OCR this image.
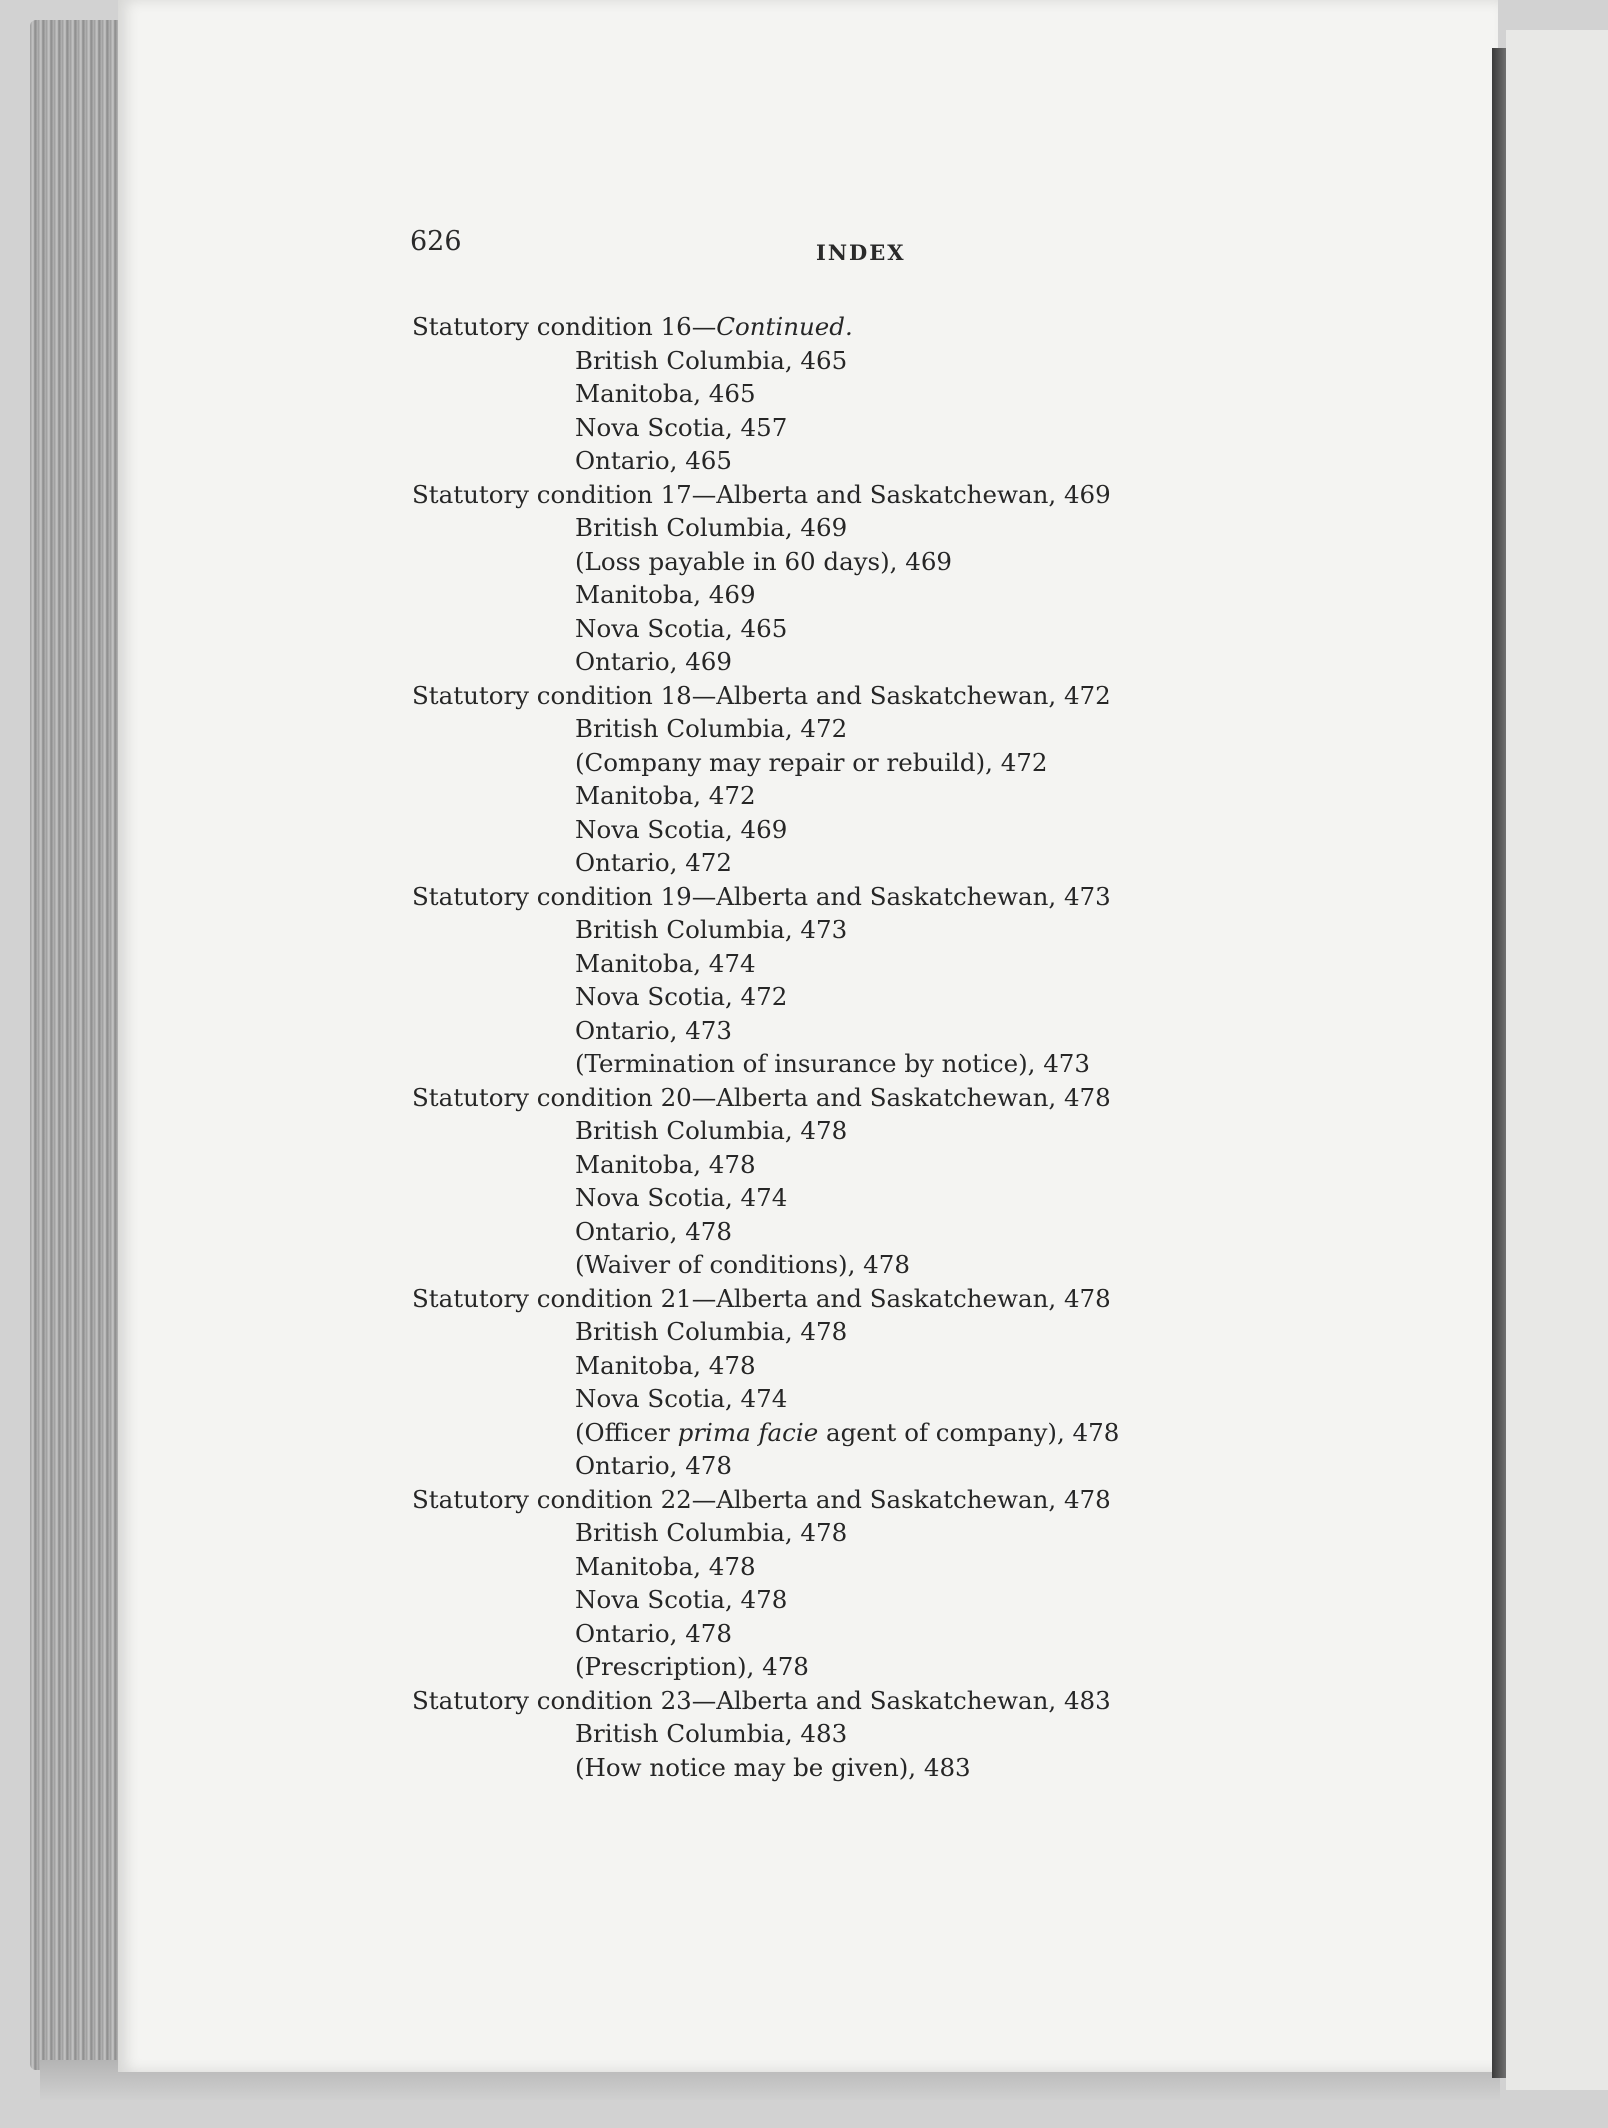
626	INDEX
Statutory condition 16—Continued.
British Columbia, 465
Manitoba, 465
Nova Scotia, 457
Ontario, 465
Statutory condition 17—Alberta and Saskatchewan, 469
British Columbia, 469
(Loss payable in 60 days), 469
Manitoba, 469
Nova Scotia, 465
Ontario, 469
Statutory condition 18—Alberta and Saskatchewan, 472
British Columbia, 472
(Company may repair or rebuild), 472
Manitoba, 472
Nova Scotia, 469
Ontario, 472
Statutory condition 19—Alberta and Saskatchewan, 473
British Columbia, 473
Manitoba, 474
Nova Scotia, 472
Ontario, 473
(Termination of insurance by notice), 473
Statutory condition 20—Alberta and Saskatchewan, 478
British Columbia, 478
Manitoba, 478
Nova Scotia, 474
Ontario, 478
(Waiver of conditions), 478
Statutory condition 21—Alberta and Saskatchewan, 478
British Columbia, 478
Manitoba, 478
Nova Scotia, 474
(Officer prima facie agent of company), 478
Ontario, 478
Statutory condition 22—Alberta and Saskatchewan, 478
British Columbia, 478
Manitoba, 478
Nova Scotia, 478
Ontario, 478
(Prescription), 478
Statutory condition 23—Alberta and Saskatchewan, 483
British Columbia, 483
(How notice may be given), 483
